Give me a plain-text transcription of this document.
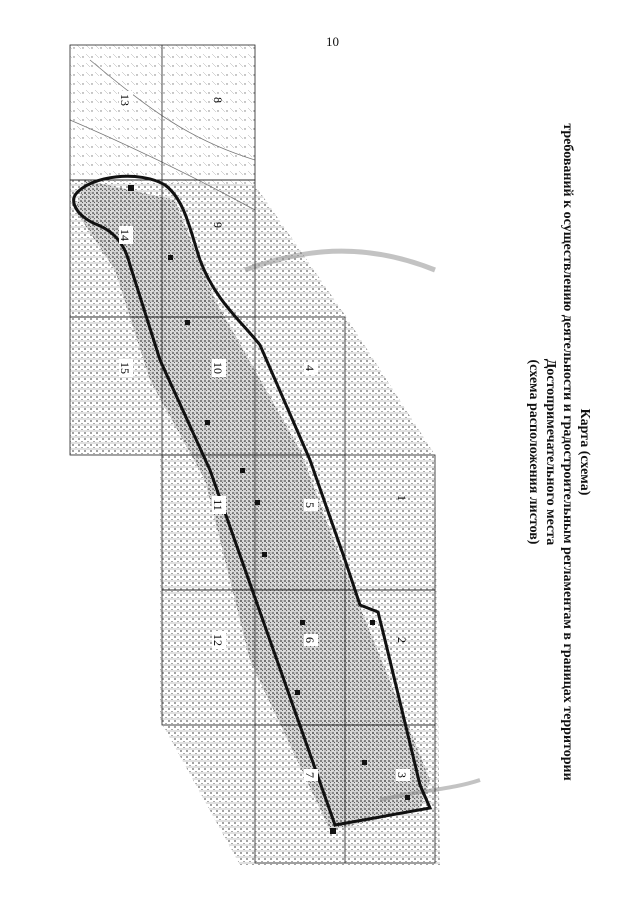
10
Карта (схема)
требований к осуществлению деятельности и градостроительным регламентам в границах территории
Достопримечательного места
(схема расположения листов)
13	8
14
9
15	10	4
11	5
1
12	6	2
7	3
